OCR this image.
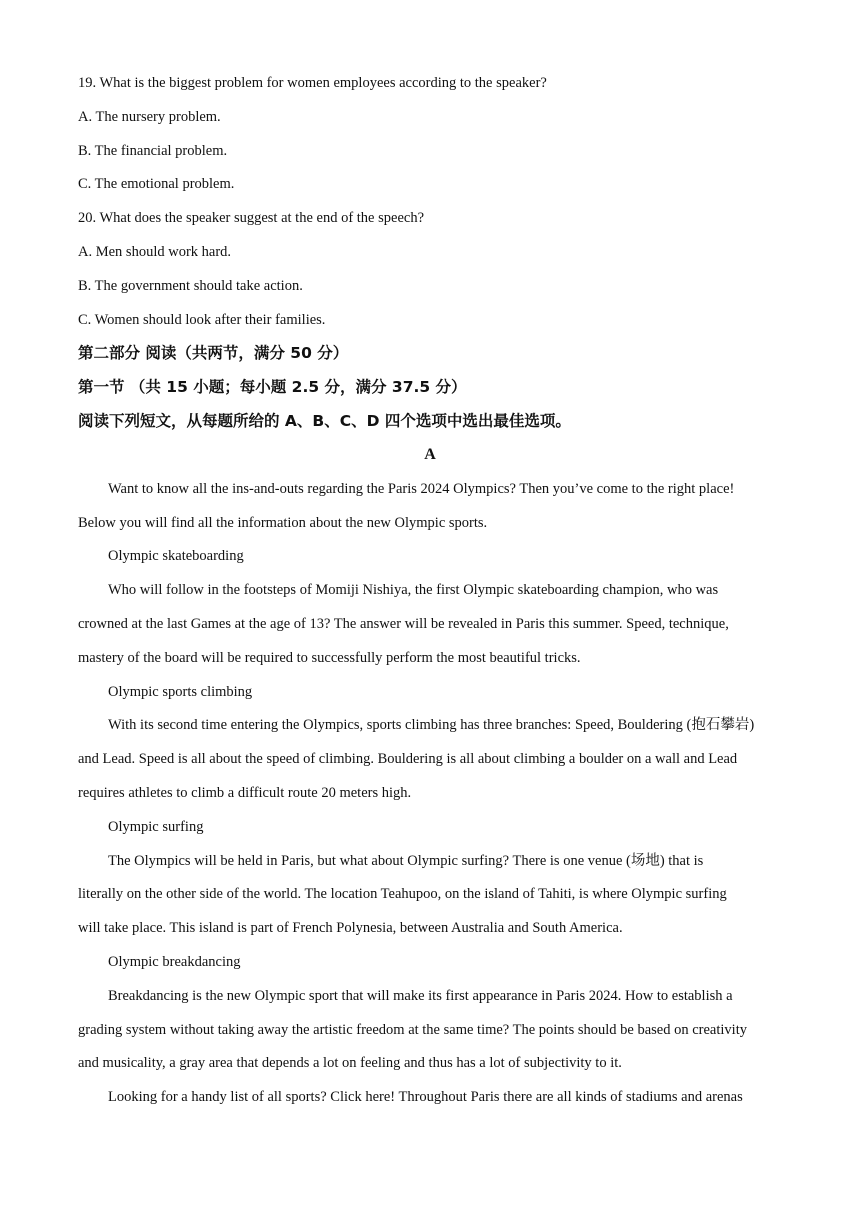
19. What is the biggest problem for women employees according to the speaker?
A. The nursery problem.
B. The financial problem.
C. The emotional problem.
20. What does the speaker suggest at the end of the speech?
A. Men should work hard.
B. The government should take action.
C. Women should look after their families.
第二部分 阅读（共两节，满分 50 分）
第一节 （共 15 小题；每小题 2.5 分，满分 37.5 分）
阅读下列短文，从每题所给的 A、B、C、D 四个选项中选出最佳选项。
A
Want to know all the ins-and-outs regarding the Paris 2024 Olympics? Then you’ve come to the right place!
Below you will find all the information about the new Olympic sports.
Olympic skateboarding
Who will follow in the footsteps of Momiji Nishiya, the first Olympic skateboarding champion, who was
crowned at the last Games at the age of 13? The answer will be revealed in Paris this summer. Speed, technique,
mastery of the board will be required to successfully perform the most beautiful tricks.
Olympic sports climbing
With its second time entering the Olympics, sports climbing has three branches: Speed, Bouldering (抱石攀岩)
and Lead. Speed is all about the speed of climbing. Bouldering is all about climbing a boulder on a wall and Lead
requires athletes to climb a difficult route 20 meters high.
Olympic surfing
The Olympics will be held in Paris, but what about Olympic surfing? There is one venue (场地) that is
literally on the other side of the world. The location Teahupoo, on the island of Tahiti, is where Olympic surfing
will take place. This island is part of French Polynesia, between Australia and South America.
Olympic breakdancing
Breakdancing is the new Olympic sport that will make its first appearance in Paris 2024. How to establish a
grading system without taking away the artistic freedom at the same time? The points should be based on creativity
and musicality, a gray area that depends a lot on feeling and thus has a lot of subjectivity to it.
Looking for a handy list of all sports? Click here! Throughout Paris there are all kinds of stadiums and arenas
